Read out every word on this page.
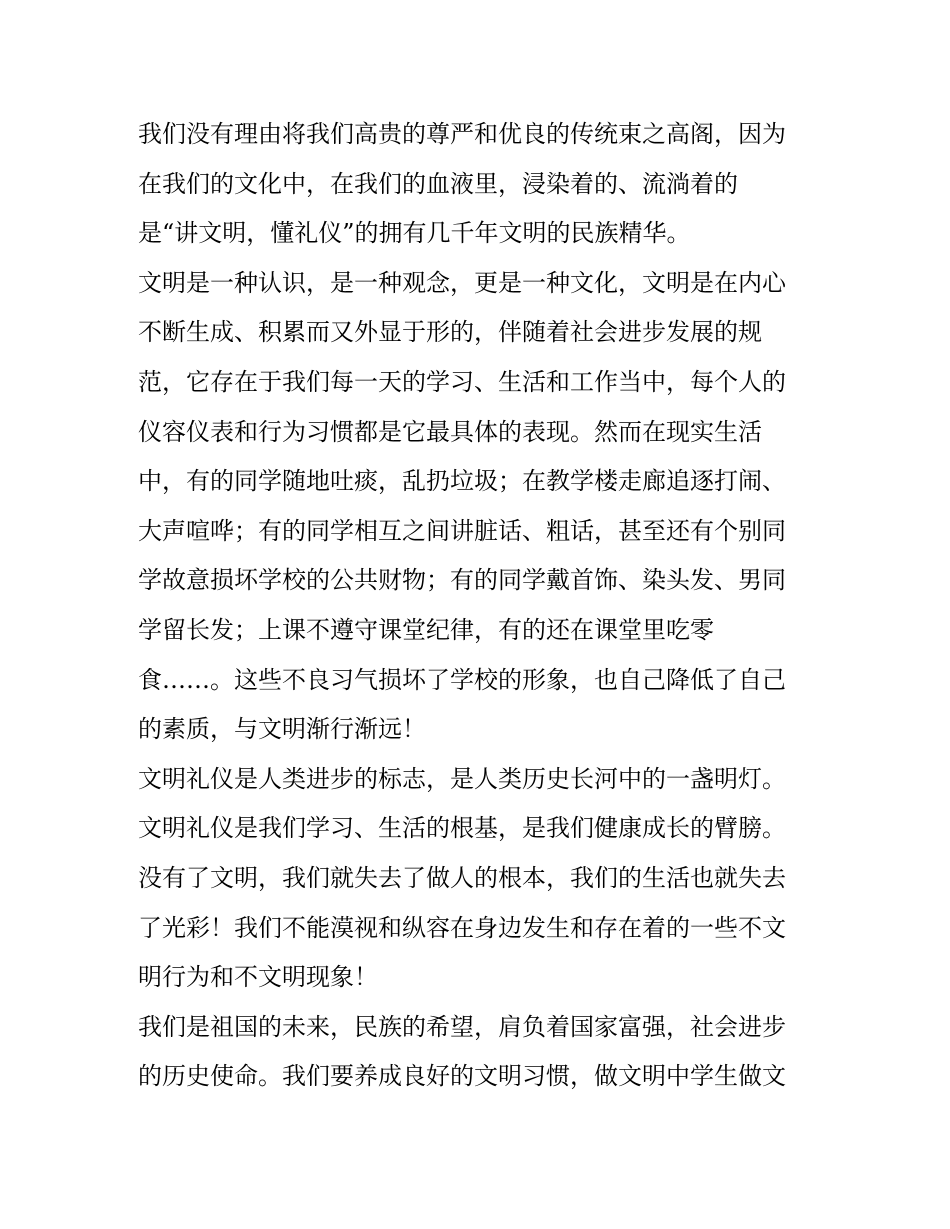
我们没有理由将我们高贵的尊严和优良的传统束之高阁，因为
在我们的文化中，在我们的血液里，浸染着的、流淌着的
是“讲文明，懂礼仪”的拥有几千年文明的民族精华。
文明是一种认识，是一种观念，更是一种文化，文明是在内心
不断生成、积累而又外显于形的，伴随着社会进步发展的规
范，它存在于我们每一天的学习、生活和工作当中，每个人的
仪容仪表和行为习惯都是它最具体的表现。然而在现实生活
中，有的同学随地吐痰，乱扔垃圾；在教学楼走廊追逐打闹、
大声喧哗；有的同学相互之间讲脏话、粗话，甚至还有个别同
学故意损坏学校的公共财物；有的同学戴首饰、染头发、男同
学留长发；上课不遵守课堂纪律，有的还在课堂里吃零
食……。这些不良习气损坏了学校的形象，也自己降低了自己
的素质，与文明渐行渐远！
文明礼仪是人类进步的标志，是人类历史长河中的一盏明灯。
文明礼仪是我们学习、生活的根基，是我们健康成长的臂膀。
没有了文明，我们就失去了做人的根本，我们的生活也就失去
了光彩！我们不能漠视和纵容在身边发生和存在着的一些不文
明行为和不文明现象！
我们是祖国的未来，民族的希望，肩负着国家富强，社会进步
的历史使命。我们要养成良好的文明习惯，做文明中学生做文
